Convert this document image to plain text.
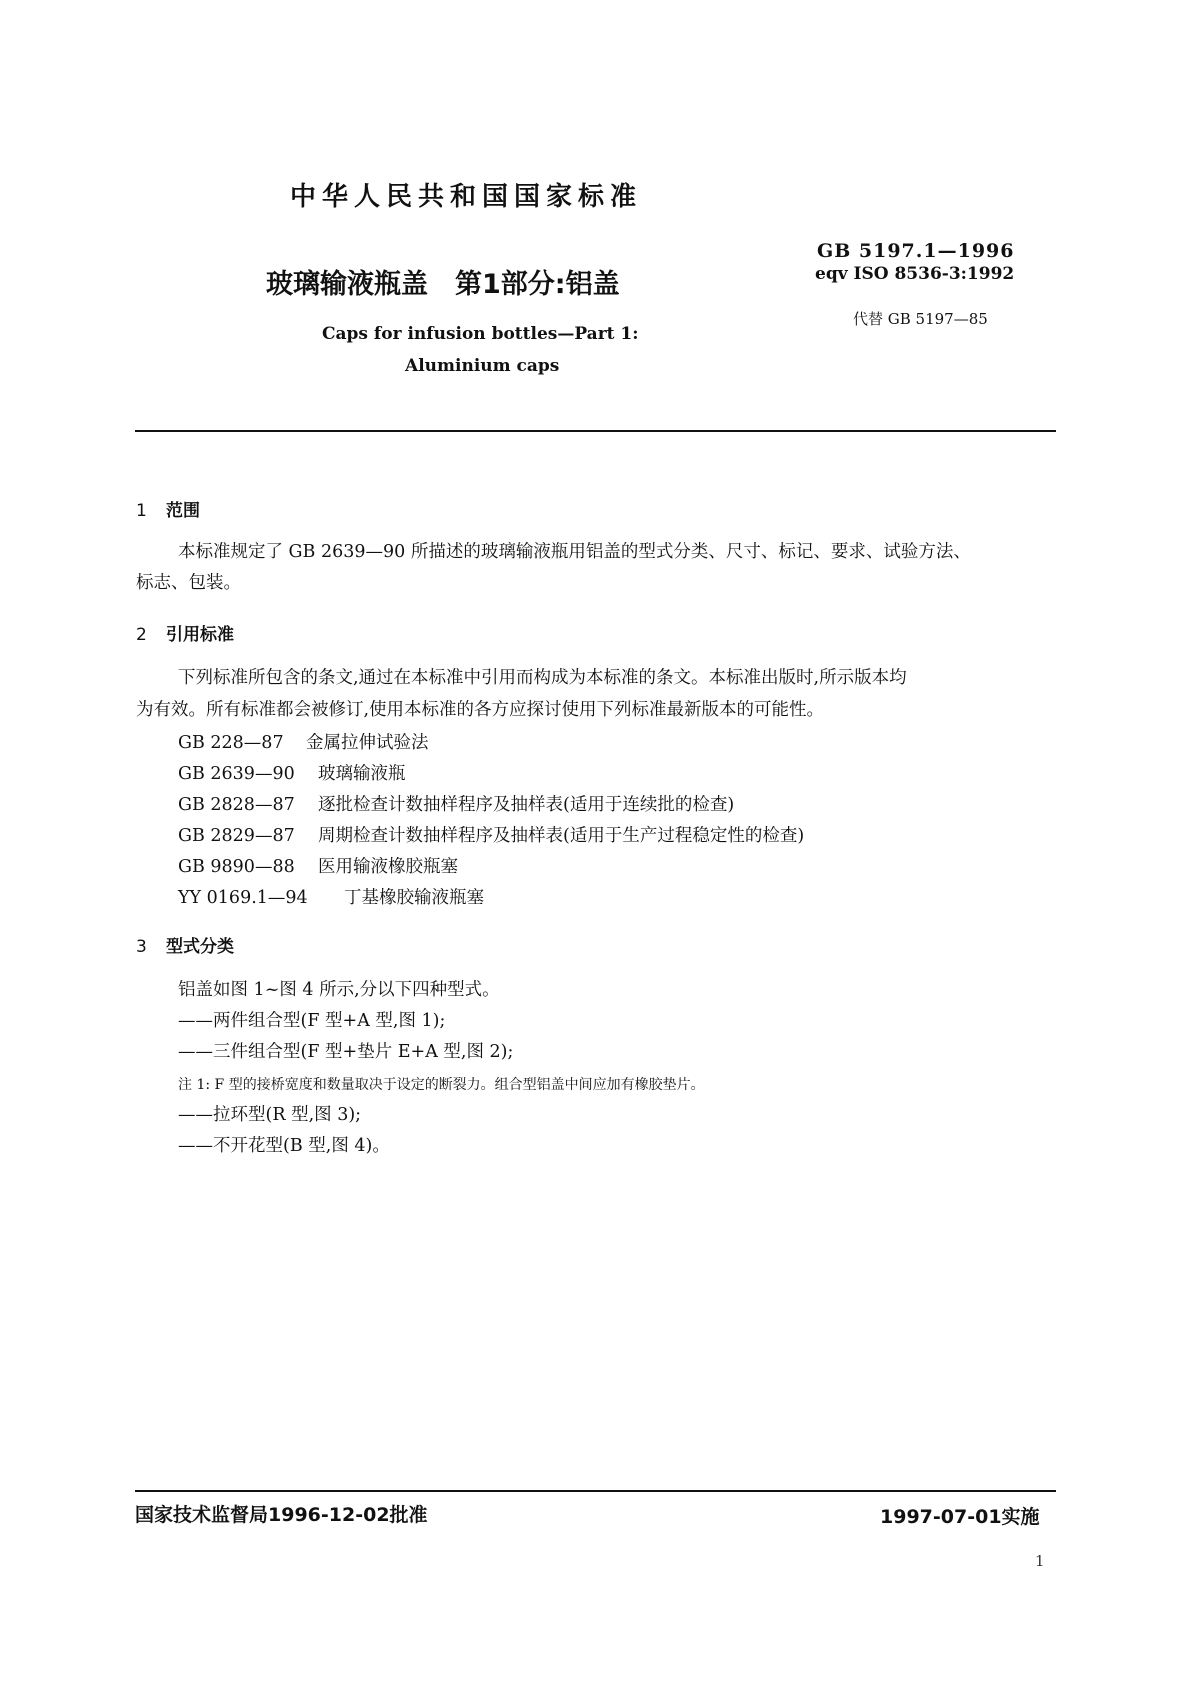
中华人民共和国国家标准
GB 5197.1—1996
eqv ISO 8536-3:1992
代替 GB 5197—85
玻璃输液瓶盖　第1部分:铝盖
Caps for infusion bottles—Part 1:
Aluminium caps
1 范围
本标准规定了 GB 2639—90 所描述的玻璃输液瓶用铝盖的型式分类、尺寸、标记、要求、试验方法、
标志、包装。
2 引用标准
下列标准所包含的条文,通过在本标准中引用而构成为本标准的条文。本标准出版时,所示版本均
为有效。所有标准都会被修订,使用本标准的各方应探讨使用下列标准最新版本的可能性。
GB 228—87 金属拉伸试验法
GB 2639—90 玻璃输液瓶
GB 2828—87 逐批检查计数抽样程序及抽样表(适用于连续批的检查)
GB 2829—87 周期检查计数抽样程序及抽样表(适用于生产过程稳定性的检查)
GB 9890—88 医用输液橡胶瓶塞
YY 0169.1—94 丁基橡胶输液瓶塞
3 型式分类
铝盖如图 1~图 4 所示,分以下四种型式。
——两件组合型(F 型+A 型,图 1);
——三件组合型(F 型+垫片 E+A 型,图 2);
注 1: F 型的接桥宽度和数量取决于设定的断裂力。组合型铝盖中间应加有橡胶垫片。
——拉环型(R 型,图 3);
——不开花型(B 型,图 4)。
国家技术监督局1996-12-02批准	1997-07-01实施
1
